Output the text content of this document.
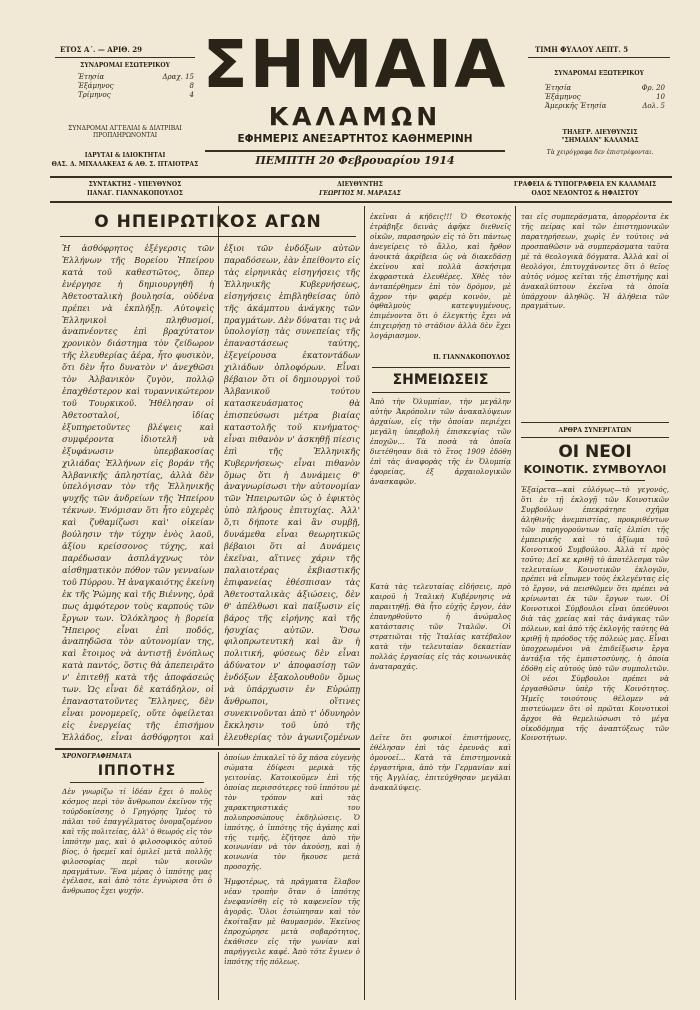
ΕΤΟΣ Α΄. — ΑΡΙΘ. 29
ΣΥΝΔΡΟΜΑΙ ΕΣΩΤΕΡΙΚΟΥ
Ἐτησία	Δραχ. 15
Ἑξάμηνος	8
Τρίμηνος	4
ΣΥΝΔΡΟΜΑΙ ΑΓΓΕΛΙΑΙ & ΔΙΑΤΡΙΒΑΙ ΠΡΟΠΛΗΡΩΝΟΝΤΑΙ
ΙΔΡΥΤΑΙ & ΙΔΙΟΚΤΗΤΑΙ
ΘΑΣ. Δ. ΜΙΧΑΛΑΚΕΑΣ & ΑΘ. Σ. ΠΤΑΙΟΤΡΑΣ
ΣΗΜΑΙΑ
ΚΑΛΑΜΩΝ
ΕΦΗΜΕΡΙΣ ΑΝΕΞΑΡΤΗΤΟΣ ΚΑΘΗΜΕΡΙΝΗ
ΠΕΜΠΤΗ 20 Φεβρουαρίου 1914
ΤΙΜΗ ΦΥΛΛΟΥ ΛΕΠΤ. 5
ΣΥΝΔΡΟΜΑΙ ΕΞΩΤΕΡΙΚΟΥ
Ἐτησία	Φρ. 20
Ἑξάμηνος	10
Ἀμερικῆς Ἐτησία	Δολ. 5
ΤΗΛΕΓΡ. ΔΙΕΥΘΥΝΣΙΣ
"ΣΗΜΑΙΑΝ" ΚΑΛΑΜΑΣ
Τὰ χειρόγραφα δεν ἐπιστρέφονται.
ΣΥΝΤΑΚΤΗΣ - ΥΠΕΥΘΥΝΟΣ
ΠΑΝΑΓ. ΓΙΑΝΝΑΚΟΠΟΥΛΟΣ
ΔΙΕΥΘΥΝΤΗΣ
ΓΕΩΡΓΙΟΣ Μ. ΜΑΡΑΣΑΣ
ΓΡΑΦΕΙΑ & ΤΥΠΟΓΡΑΦΕΙΑ ΕΝ ΚΑΛΑΜΑΙΣ
ΟΔΟΣ ΝΕΔΟΝΤΟΣ & ΗΦΑΙΣΤΟΥ
Ο ΗΠΕΙΡΩΤΙΚΟΣ ΑΓΩΝ
Ἡ ἀσθόφρητος ἐξέγερσις τῶν Ἑλλήνων τῆς Βορείου Ἠπείρου κατὰ τοῦ καθεστῶτος, ὅπερ ἐνέργησε ἡ δημιουργηθῆ ἡ Ἀθετοσταλικὴ βουλησία, οὐδένα πρέπει νὰ ἐκπλήξῃ. Αὐτοψεὶς Ἑλληνικοὶ πληθυσμοί, ἀναπνέοντες ἐπὶ βραχύτατον χρονικὸν διάστημα τὸν ζείδωρον τῆς ἐλευθερίας ἀέρα, ἦτο φυσικὸν, ὅτι δὲν ἦτο δυνατὸν ν' ἀνεχθῶσι τὸν Ἀλβανικὸν ζυγὸν, πολλῷ ἐπαχθέστερον καὶ τυραννικώτερον τοῦ Τουρκικοῦ. Ἠθέλησαν οἱ Ἀθετοσταλοί, ἰδίας ἐξυπηρετοῦντες βλέψεις καὶ συμφέροντα ἰδιοτελῆ νὰ ἐξυφάνωσιν ὑπερβακοσίας χιλιάδας Ἑλλήνων εἰς βοράν τῆς Ἀλβανικῆς ἀπληστίας, ἀλλὰ δὲν ὑπελόγισαν τὸν τῆς Ἑλληνικῆς ψυχῆς τῶν ἀνδρείων τῆς Ἠπείρου τέκνων. Ἐνόμισαν ὅτι ἦτο εὐχερὲς καὶ ζυθαμίζωσι καὶ' οἰκείαν βούλησιν τὴν τύχην ἑνὸς λαοῦ, ἀξίου κρείσσονος τύχης, καὶ παρέδωσαν ἀσπλάγχνως τὸν αἱσθηματικὸν πόθον τῶν γενναίων τοῦ Πύρρου. Ἡ ἀναγκαιότης ἐκείνη ἐκ τῆς Ῥώμης καὶ τῆς Βιέννης, ὁρᾶ πως ἀμφότερον τοὺς καρπούς τῶν ἔργων των. Ὁλόκληρος ἡ βορεία Ἤπειρος εἶναι ἐπὶ ποδός, ἀναπηδῶσα τὸν αὐτονομίαν της, καὶ ἔτοιμος νὰ ἀντιστῇ ἐνόπλως κατὰ παντός, ὅστις θὰ ἀπεπειρᾶτο ν' ἐπιτεθῇ κατὰ τῆς ἀποφάσεώς των. Ὡς εἶναι δὲ κατάδηλον, οἱ ἐπαναστατοῦντες Ἕλληνες, δὲν εἶναι μονομερεῖς, οὔτε ὀφείλεται εἰς ἐνεργείας τῆς ἐπισήμου Ἑλλάδος, εἶναι ἀσθόφρητοι καὶ
ἐξιοι τῶν ἐνδόξων αὐτῶν παραδόσεων, ἐὰν ἐπείθοντο εἰς τὰς εἰρηνικὰς εἰσηγήσεις τῆς Ἑλληνικῆς Κυβερνήσεως, εἰσηγήσεις ἐπιβληθείσας ὑπὸ τῆς ἀκάμπτου ἀνάγκης τῶν πραγμάτων. Δὲν δύναται τις νὰ ὑπολογίσῃ τὰς συνεπείας τῆς ἐπαναστάσεως ταύτης, ἐξεγείρουσα ἑκατοντάδων χιλιάδων ὁπλοφόρων. Εἶναι βέβαιον ὅτι οἱ δημιουργοὶ τοῦ Ἀλβανικοῦ τούτου κατασκευάσματος θὰ ἐπισπεύσωσι μέτρα βιαίας καταστολῆς τοῦ κινήματος· εἶναι πιθανὸν ν' ἀσκηθῇ πίεσις ἐπὶ τῆς Ἑλληνικῆς Κυβερνήσεως· εἶναι πιθανὸν ὅμως ὅτι ἡ Δυνάμεις θ' ἀναγνωρίσωσι τὴν αὐτονομίαν τῶν Ἠπειρωτῶν ὡς ὁ ἐφικτὸς ὑπὸ πλήρους ἐπιτυχίας. Ἀλλ' ὅ,τι δήποτε καὶ ἂν συμβῇ, δυνάμεθα εἶναι θεωρητικῶς βέβαιοι ὅτι αἱ Δυνάμεις ἐκεῖναι, αἵτινες χάριν τῆς παλαιοτέρας ἐκβιαστικῆς ἐπιφανείας ἐθέσπισαν τὰς Ἀθετοσταλικὰς ἀξιώσεις, δὲν θ' ἀπέλθωσι καὶ παίξωσιν εἰς βάρος τῆς εἰρήνης καὶ τῆς ἡσυχίας αὐτῶν. Ὅσω φιλοπρωτευτικὴ καὶ ἂν ἡ πολιτική, φύσεως δὲν εἶναι ἀδύνατον ν' ἀποφασίσῃ τῶν ἐνδόξων ἐξακολουθοῦν ὅμως νὰ ὑπάρχωσιν ἐν Εὐρώπῃ ἄνθρωποι, οἵτινες συνεκινοῦνται ἀπὸ τ' ὁδυνηρὸν ἔκκλησιν τοῦ ὑπὸ τῆς ἐλευθερίας τὸν ἀγωνιζομένων
ἐκεῖναι ἀ κήδεις!!! Ὁ Θεοτοκὴς ἐτράβηξε δεινὰς ἀφῆκε διεθνεῖς οἰκῶν, παρασηρών εἰς τὸ ὅτι πάντως ἀνεγείρεις τὸ ἄλλο, καὶ ἤρθον ἀνοικτὰ ἀκρίβεια ὡς νὰ διακεδάσῃ ἐκείνου καὶ πολλὰ ἀσκήσιμα ἐκφραστικὰ ἐλευθέρες. Χθὲς τὸν ἀνταπέρθημεν ἐπὶ τὸν δρόμον, μὲ ἄχρον τὴν φαρέμ κοινὸν, μὲ ὀφθαλμοὺς κατεψυγμένους, ἐπιμένοντα ὅτι ὁ ἐλεγκτὴς ἔχει νὰ ἐπιχειρήσῃ τὸ στάδιον ἀλλὰ δὲν ἔχει λογάριασμον.
Π. ΓΙΑΝΝΑΚΟΠΟΥΛΟΣ
ΣΗΜΕΙΩΣΕΙΣ
Ἀπὸ τὴν Ὀλυμπίαν, τὴν μεγάλην αὐτὴν Ἀκρόπολιν τῶν ἀνακαλύψεων ἀρχαίων, εἰς τὴν ὁποίαν περιέχει μεγάλη ὑπερβολὴ ἐπισκεψίας τῶν ἐποχῶν... Τὰ ποσὰ τὰ ὁποῖα διετέθησαν διὰ τὸ ἔτος 1909 ἐδόθη ἐπὶ τὰς ἀναφορὰς τῆς ἐν Ὀλυμπίᾳ ἐφορείας, ἐξ ἀρχαιολογικῶν ἀνασκαφῶν.
Κατὰ τὰς τελευταίας εἰδήσεις, πρὸ καιροῦ ἡ Ἰταλικὴ Κυβέρνησις νὰ παραιτηθῇ. Θὰ ἦτο εὐχῆς ἔργον, ἐὰν ἐπανηρθοῦντο ἡ ἀνώμαλος κατάστασις τῶν Ἰταλῶν. Οἱ στρατιῶται τῆς Ἰταλίας κατέβαλον κατὰ τὴν τελευταίαν δεκαετίαν πολλάς ἐργασίας εἰς τὰς κοινωνικὰς ἀναταραχάς.
Δεῖτε ὅτι φυσικοί ἐπιστήμονες, ἐθέλησαν ἐπὶ τὰς ἐρευνὰς καὶ ὁμονοεῖ... Κατὰ τὰ ἐπιστημονικὰ ἐργαστήρια, ἀπὸ τὴν Γερμανίαν καὶ τῆς Ἀγγλίας, ἐπιτεύχθησαν μεγάλαι ἀνακαλύψεις.
ται εἰς συμπεράσματα, ἀπορρέοντα ἐκ τῆς πείρας καὶ τῶν ἐπιστημονικῶν παρατηρήσεων, χωρὶς ἐν τούτοις νὰ προσπαθῶσιν νὰ συμπεράσματα ταῦτα μὲ τὰ θεολογικὰ δόγματα. Ἀλλὰ καὶ οἱ θεολόγοι, ἐπιτυγχάνοντες ὅτι ὁ θεῖος αὐτὸς νόμος κεῖται τῆς ἐπιστήμης καὶ ἀνακαλύπτουν ἐκεῖνα τὰ ὁποῖα ὑπάρχουν ἀληθῶς. Ἡ ἀλήθεια τῶν πραγμάτων.
ΑΡΘΡΑ ΣΥΝΕΡΓΑΤΩΝ
ΟΙ ΝΕΟΙ
ΚΟΙΝΟΤΙΚ. ΣΥΜΒΟΥΛΟΙ
Ἐξαίρετα—καὶ εὐλόγως—τὸ γεγονός, ὅτι ἐν τῇ ἐκλογῇ τῶν Κοινοτικῶν Συμβούλων ἐπεκράτησε σχῆμα ἀληθινῆς ἀνεμπιστίας, προκριθέντων τῶν παρηγορούντων ταῖς ἐλπίσι τῆς ἐμπειρικῆς καὶ τὸ ἀξίωμα τοῦ Κοινοτικοῦ Συμβούλου. Ἀλλὰ τί πρὸς τοῦτο; Δεῖ κε κριθῇ τὸ ἀποτέλεσμα τῶν τελευταίων Κοινοτικῶν ἐκλογῶν, πρέπει νὰ εἶπωμεν τοὺς ἐκλεγέντας εἰς τὸ ἔργον, νὰ πεισθῶμεν ὅτι πρέπει νὰ κρίνωνται ἐκ τῶν ἔργων των. Οἱ Κοινοτικοὶ Σύμβουλοι εἶναι ὑπεύθυνοι διὰ τὰς χρείας καὶ τὰς ἀνάγκας τῶν πόλεων, καὶ ἀπὸ τῆς ἐκλογῆς ταύτης θὰ κριθῇ ἡ πρόοδος τῆς πόλεώς μας. Εἶναι ὑποχρεωμένοι νὰ ἐπιδείξωσιν ἔργα ἀντάξια τῆς ἐμπιστοσύνης, ἡ ὁποία ἐδόθη εἰς αὐτούς ὑπὸ τῶν συμπολιτῶν. Οἱ νέοι Σύμβουλοι πρέπει νὰ ἐργασθῶσιν ὑπὲρ τῆς Κοινότητος. Ἡμεῖς τοιούτους θέλομεν νὰ πιστεύωμεν ὅτι οἱ πρῶται Κοινοτικοὶ ἄρχοι θὰ θεμελιώσωσι τὸ μέγα οἰκοδόμημα τῆς ἀναπτύξεως τῶν Κοινοτήτων.
ΧΡΟΝΟΓΡΑΦΗΜΑΤΑ
ΙΠΠΟΤΗΣ
Δὲν γνωρίζω τί ἰδέαν ἔχει ὁ πολὺς κόσμος περὶ τὸν ἄνθρωπον ἐκεῖνον τῆς τούρδοκίσσης ὁ Γρηγόρης Ἰμέος τὸ πάλαι τοῦ ἐπαγγέλματος ὀνομαζομένου καὶ τῆς πολιτείας, ἀλλ' ὁ θεωρός εἰς τὸν ἱππότην μας, καὶ ὁ φιλοσοφικὸς αὐτοῦ βίος, ὁ ἠρεμεῖ καὶ ὁμιλεῖ μετὰ πολλῆς φιλοσοφίας περὶ τῶν κοινῶν πραγμάτων. Ἕνα μέρας ὁ ἱππότης μας ἐγέλασε, καὶ ἀπὸ τότε ἐγνώρισα ὅτι ὁ ἄνθρωπος ἔχει ψυχήν.
ὁποίων ἐπικαλεῖ τὸ ὄχ πάσα εὐγενὴς σώματα ἐδίφεσι μερικὰ τῆς γειτονίας. Κατοικοῦμεν ἐπὶ τῆς ὁποίας περισσότερες τοῦ ἱππότου μὲ τὸν τρόπον καὶ τὰς χαρακτηριστικάς του πολυπροσώπους ἐκδηλώσεις. Ὁ ἱππότης, ὁ ἱππότης τῆς ἀγάπης καὶ τῆς τιμῆς, ἐζήτησε ἀπὸ τὴν κοινωνίαν νὰ τὸν ἀκούσῃ, καὶ ἡ κοινωνία τὸν ἤκουσε μετὰ προσοχῆς.
Ἠμφοτέρως, τὰ πράγματα ἔλαβον νέαν τροπὴν ὅταν ὁ ἱππότης ἐνεφανίσθη εἰς τὸ καφενεῖον τῆς ἀγορᾶς. Ὅλοι ἐσιώπησαν καὶ τὸν ἐκοίταξαν μὲ θαυμασμόν. Ἐκεῖνος ἐπροχώρησε μετὰ σοβαρότητος, ἐκάθισεν εἰς τὴν γωνίαν καὶ παρήγγειλε καφέ. Ἀπὸ τότε ἔγινεν ὁ ἱππότης τῆς πόλεως.
